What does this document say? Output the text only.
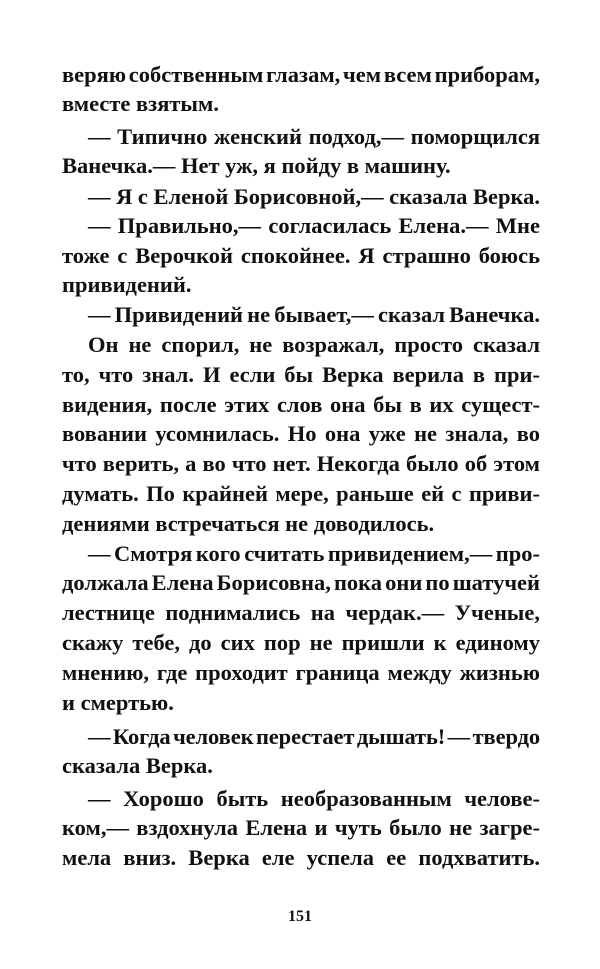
151
веряю собственным глазам, чем всем приборам,
вместе взятым.
— Типично женский подход,— поморщился
Ванечка.— Нет уж, я пойду в машину.
— Я с Еленой Борисовной,— сказала Верка.
— Правильно,— согласилась Елена.— Мне
тоже с Верочкой спокойнее. Я страшно боюсь
привидений.
— Привидений не бывает,— сказал Ванечка.
Он не спорил, не возражал, просто сказал
то, что знал. И если бы Верка верила в при-
видения, после этих слов она бы в их сущест-
вовании усомнилась. Но она уже не знала, во
что верить, а во что нет. Некогда было об этом
думать. По крайней мере, раньше ей с приви-
дениями встречаться не доводилось.
— Смотря кого считать привидением,— про-
должала Елена Борисовна, пока они по шатучей
лестнице поднимались на чердак.— Ученые,
скажу тебе, до сих пор не пришли к единому
мнению, где проходит граница между жизнью
и смертью.
— Когда человек перестает дышать! — твердо
сказала Верка.
— Хорошо быть необразованным челове-
ком,— вздохнула Елена и чуть было не загре-
мела вниз. Верка еле успела ее подхватить.
